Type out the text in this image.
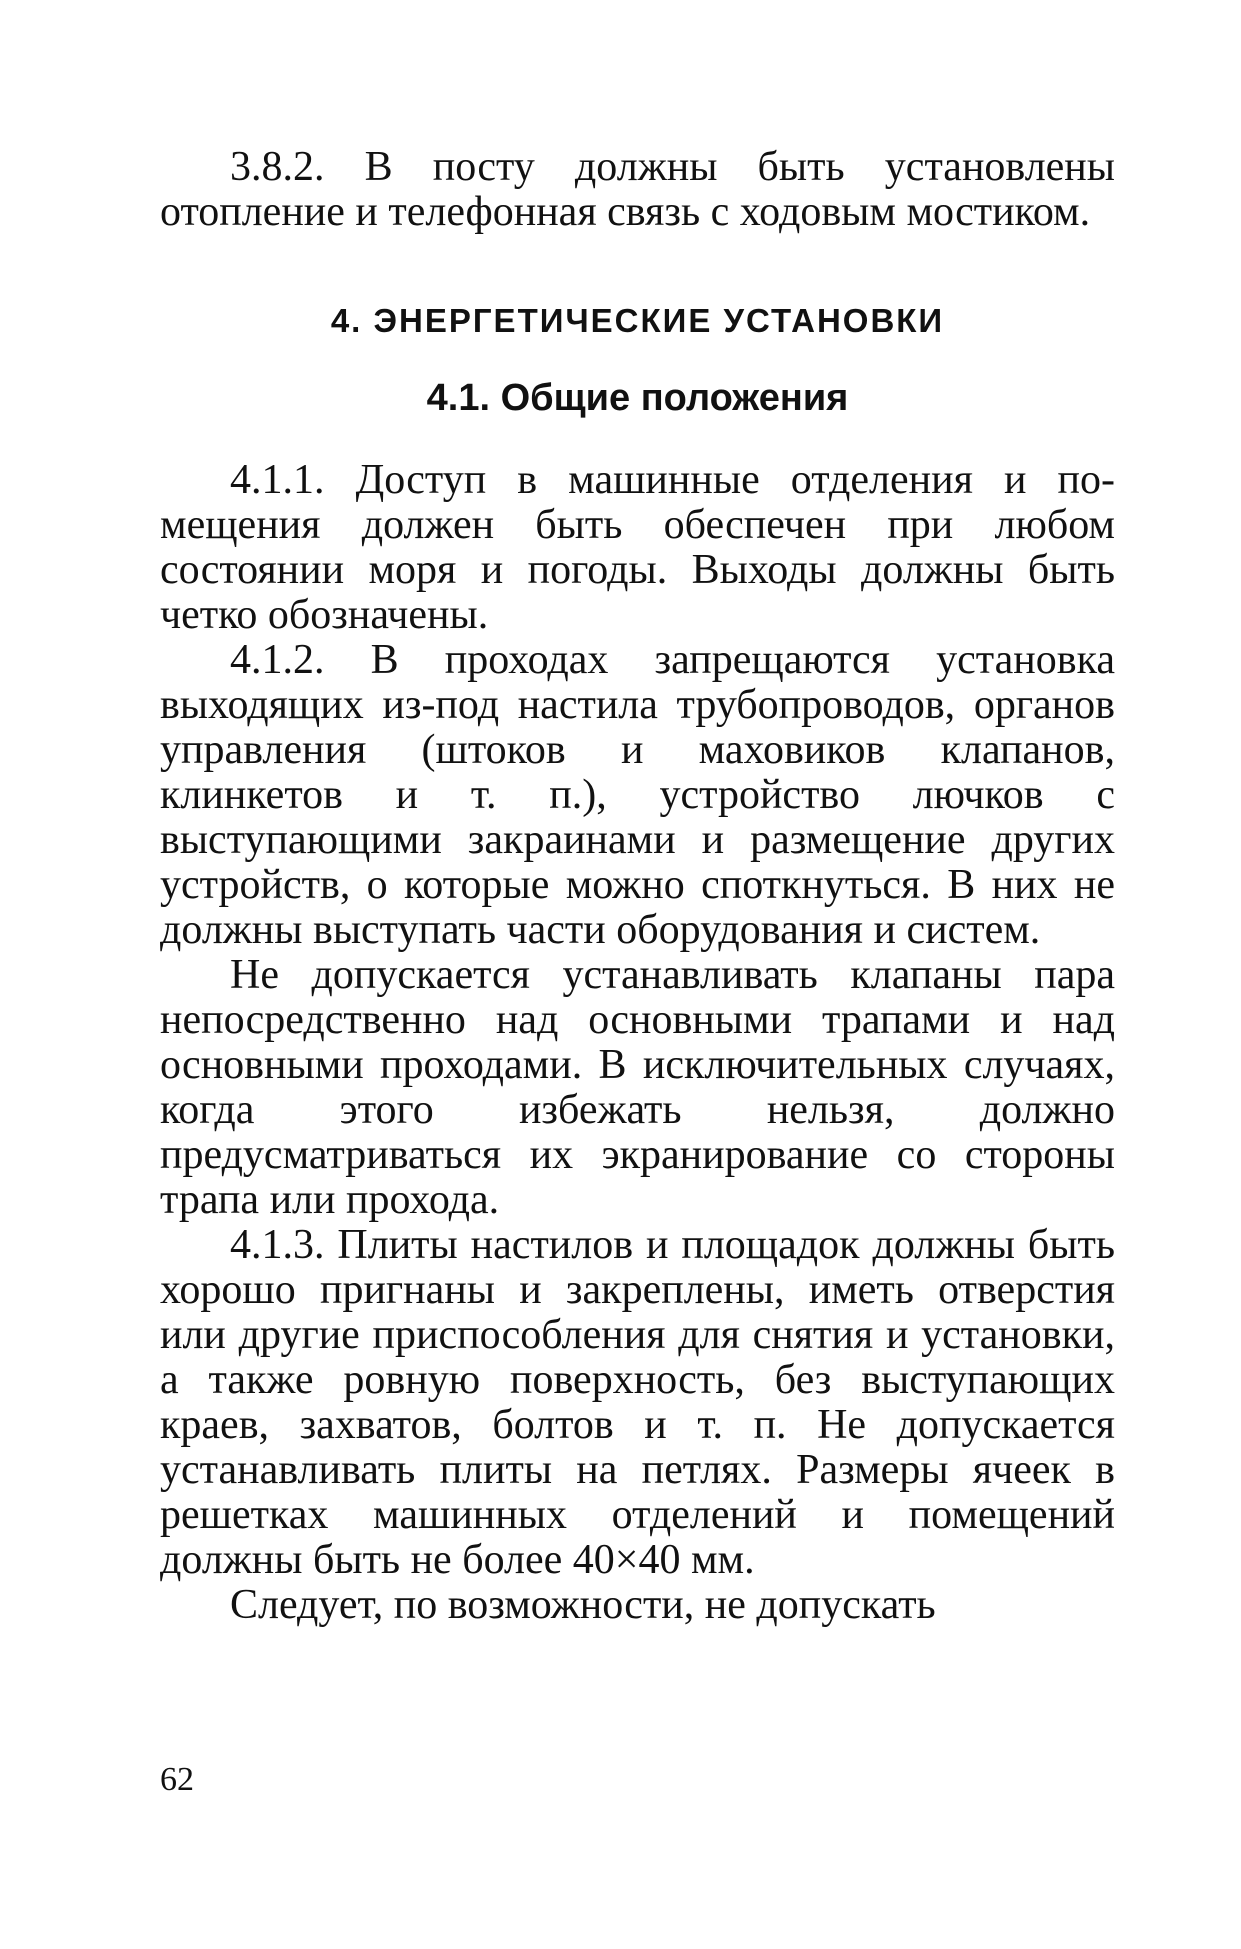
3.8.2. В посту должны быть установлены отопление и телефонная связь с ходовым мостиком.

4. ЭНЕРГЕТИЧЕСКИЕ УСТАНОВКИ
4.1. Общие положения

4.1.1. Доступ в машинные отделения и помещения должен быть обеспечен при любом состоянии моря и погоды. Выходы должны быть четко обозначены.

4.1.2. В проходах запрещаются установка выходящих из-под настила трубопроводов, органов управления (штоков и маховиков клапанов, клинкетов и т. п.), устройство лючков с выступающими закраинами и размещение других устройств, о которые можно споткнуться. В них не должны выступать части оборудования и систем.

Не допускается устанавливать клапаны пара непосредственно над основными трапами и над основными проходами. В исключительных случаях, когда этого избежать нельзя, должно предусматриваться их экранирование со стороны трапа или прохода.

4.1.3. Плиты настилов и площадок должны быть хорошо пригнаны и закреплены, иметь отверстия или другие приспособления для снятия и установки, а также ровную поверхность, без выступающих краев, захватов, болтов и т. п. Не допускается устанавливать плиты на петлях. Размеры ячеек в решетках машинных отделений и помещений должны быть не более 40×40 мм.

Следует, по возможности, не допускать

62
